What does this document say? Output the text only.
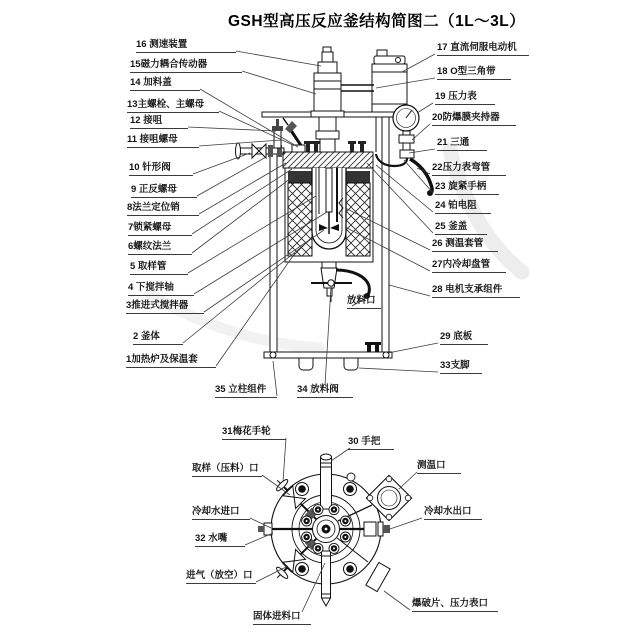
GSH型高压反应釜结构简图二（1L～3L）
16 测速装置
15磁力耦合传动器
14 加料盖
13主螺栓、主螺母
12 接咀
11 接咀螺母
10 针形阀
9 正反螺母
8法兰定位销
7锁紧螺母
6螺纹法兰
5 取样管
4 下搅拌轴
3推进式搅拌器
2 釜体
1加热炉及保温套
35 立柱组件	34 放料阀
放料口
17 直流伺服电动机
18 O型三角带
19 压力表
20防爆膜夹持器
21 三通
22压力表弯管
23 旋紧手柄
24 铂电阻
25 釜盖
26 测温套管
27内冷却盘管
28 电机支承组件
29 底板
33支脚
31梅花手轮
30 手把
取样（压料）口	测温口
冷却水进口	冷却水出口
32 水嘴
进气（放空）口
固体进料口
爆破片、压力表口
